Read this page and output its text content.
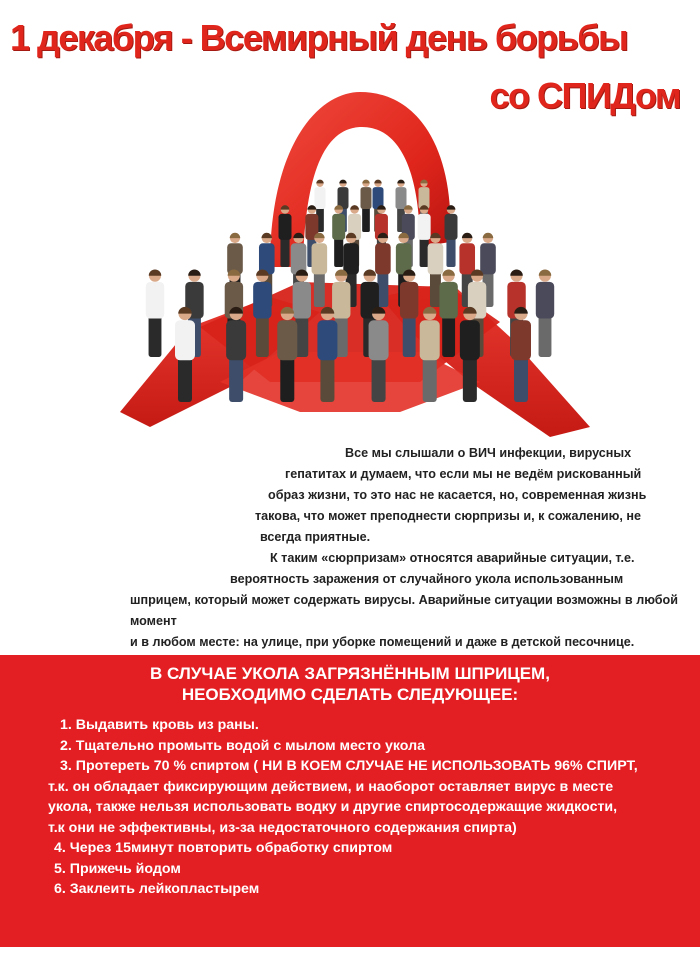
1 декабря - Всемирный день борьбы
со СПИДом

Все мы слышали о ВИЧ инфекции, вирусных

гепатитах и думаем, что если мы не ведём рискованный

образ жизни, то это нас не касается, но, современная жизнь

такова, что может преподнести сюрпризы и, к сожалению, не

всегда приятные.

К таким «сюрпризам» относятся аварийные ситуации, т.е.

вероятность заражения от случайного укола использованным

шприцем, который может содержать вирусы. Аварийные ситуации возможны в любой момент

и в любом месте: на улице, при уборке помещений и даже в детской песочнице.

В СЛУЧАЕ УКОЛА ЗАГРЯЗНЁННЫМ ШПРИЦЕМ,
НЕОБХОДИМО СДЕЛАТЬ СЛЕДУЮЩЕЕ:
1. Выдавить кровь из раны.
2. Тщательно промыть водой с мылом место укола
3. Протереть 70 % спиртом ( НИ В КОЕМ СЛУЧАЕ НЕ ИСПОЛЬЗОВАТЬ 96% СПИРТ,
т.к. он обладает фиксирующим действием, и наоборот оставляет вирус в месте
укола, также нельзя использовать водку и другие спиртосодержащие жидкости,
т.к они не эффективны, из-за недостаточного содержания спирта)
4. Через 15минут повторить обработку спиртом
5. Прижечь йодом
6. Заклеить лейкопластырем
